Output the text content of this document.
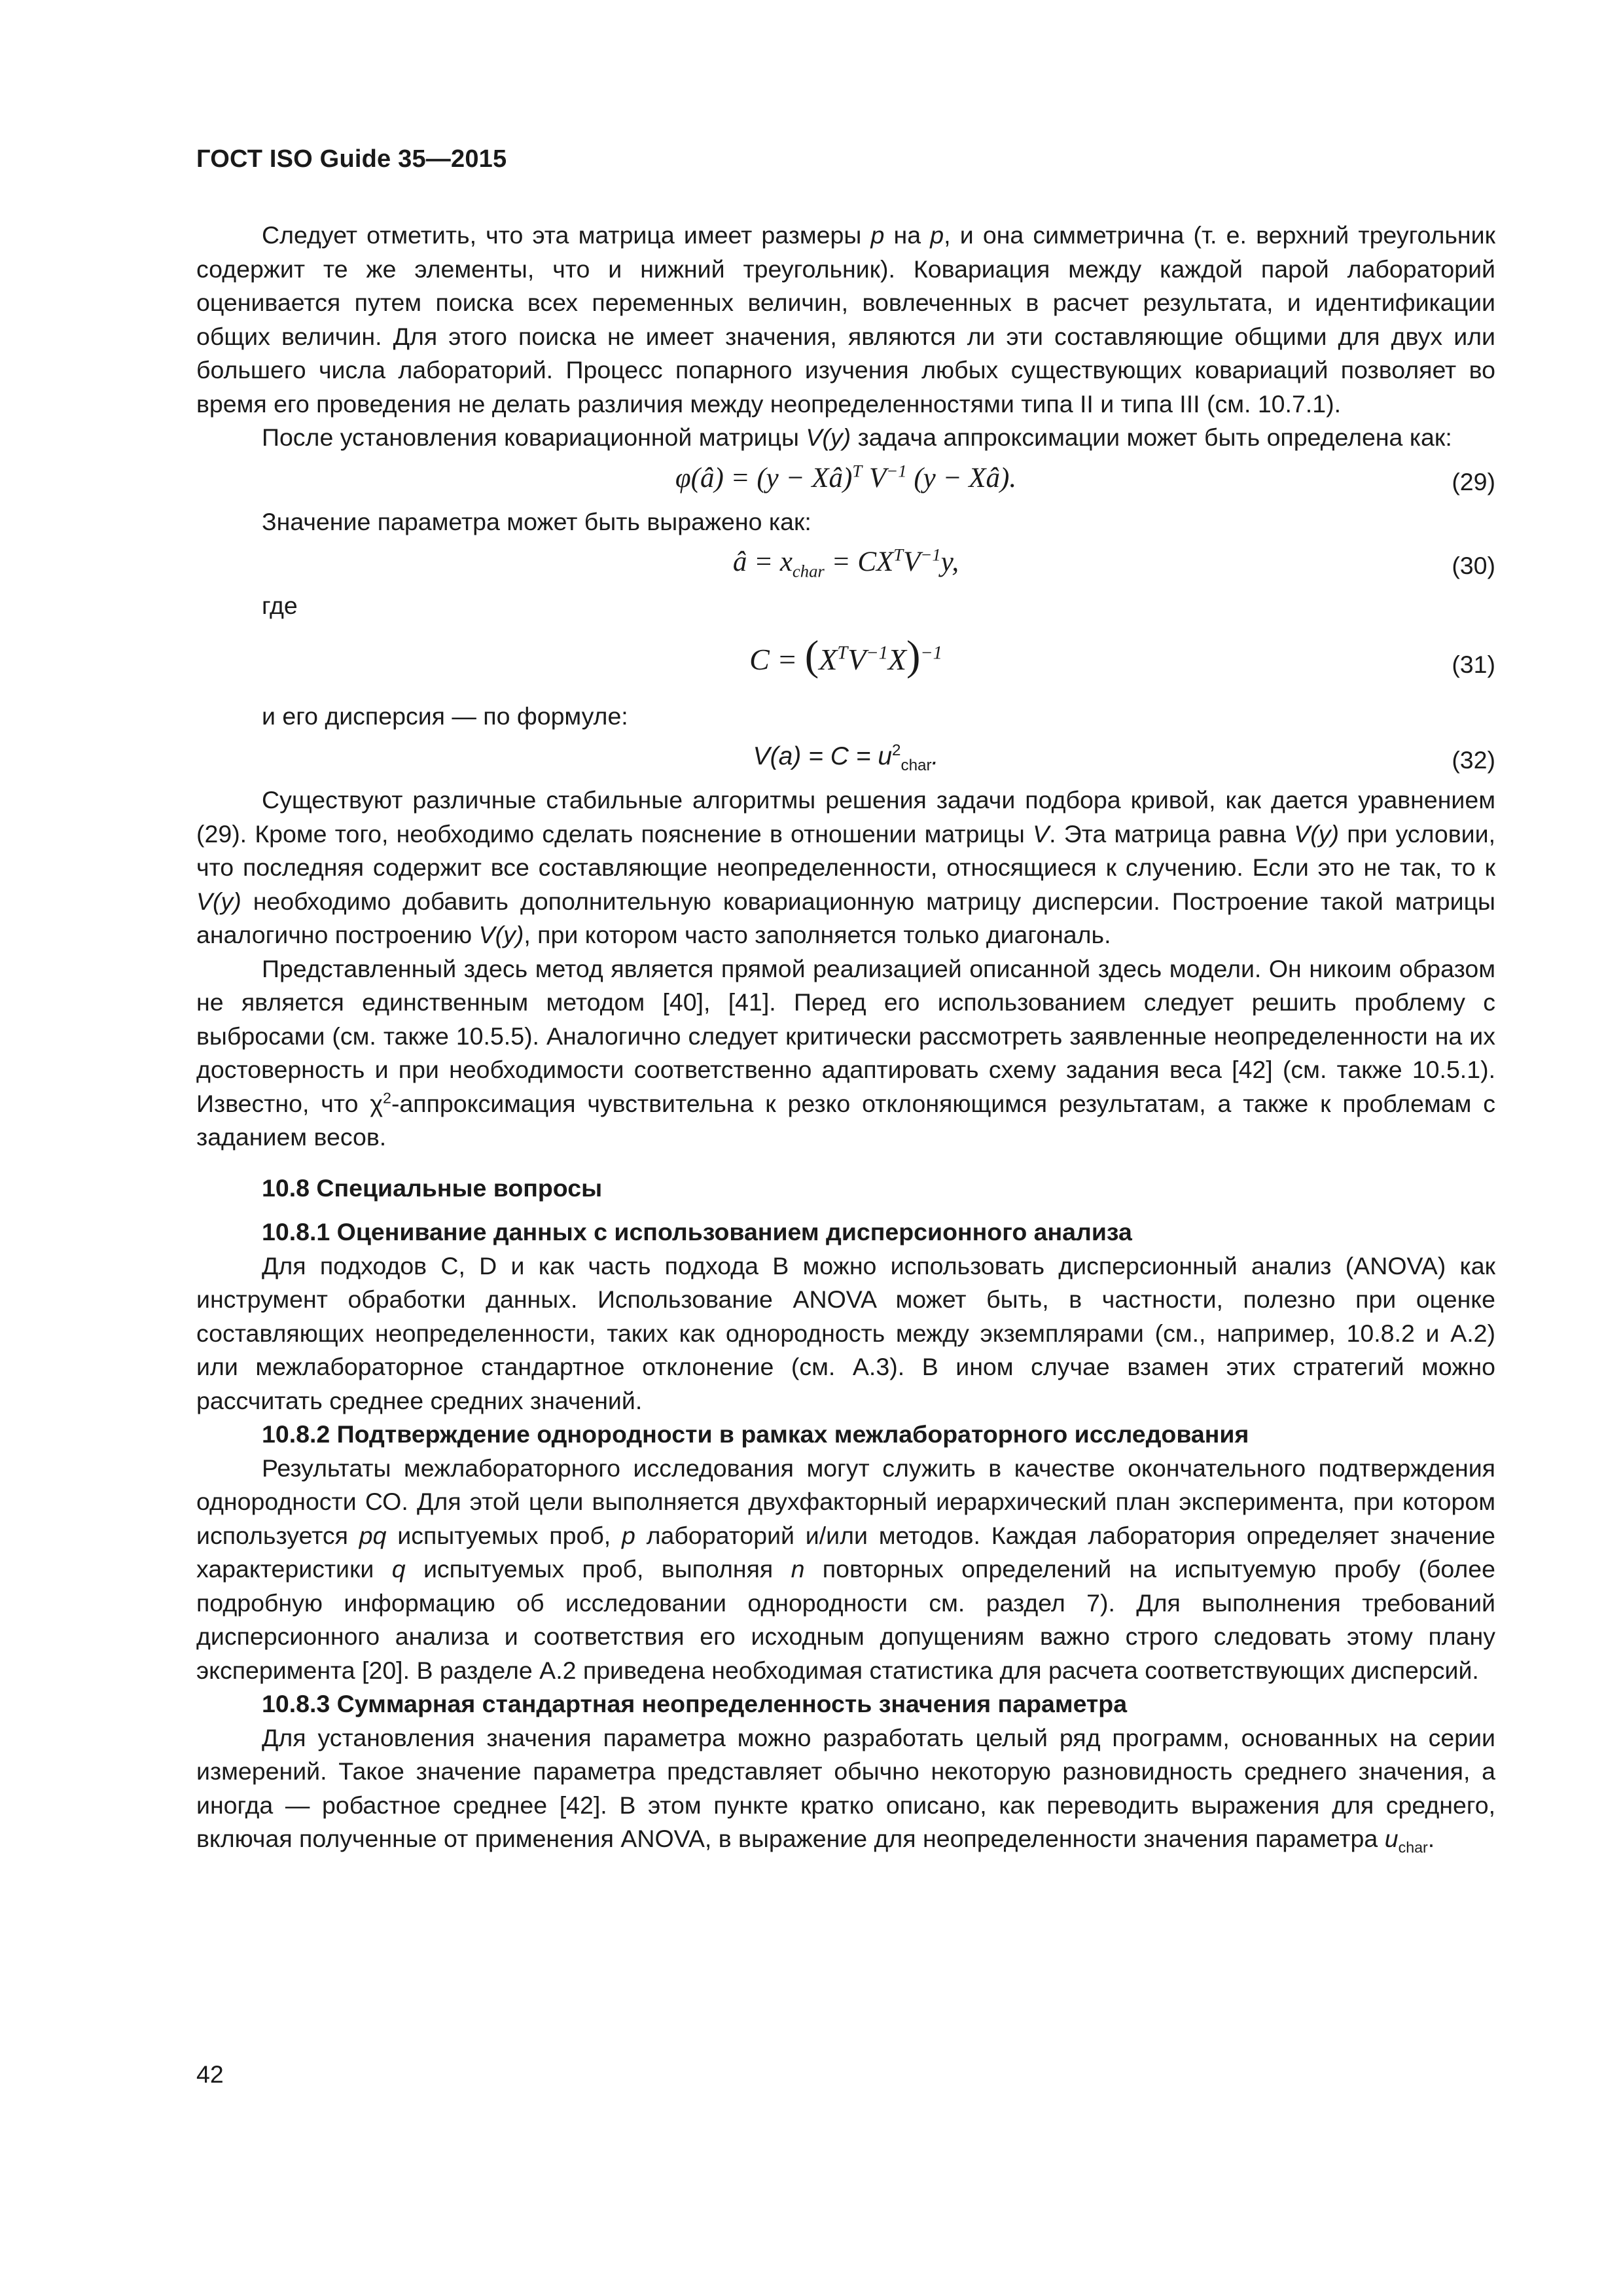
ГОСТ ISO Guide 35—2015

Следует отметить, что эта матрица имеет размеры p на p, и она симметрична (т. е. верхний треугольник содержит те же элементы, что и нижний треугольник). Ковариация между каждой парой лабораторий оценивается путем поиска всех переменных величин, вовлеченных в расчет результата, и идентификации общих величин. Для этого поиска не имеет значения, являются ли эти составляющие общими для двух или большего числа лабораторий. Процесс попарного изучения любых существующих ковариаций позволяет во время его проведения не делать различия между неопределенностями типа II и типа III (см. 10.7.1).

После установления ковариационной матрицы V(y) задача аппроксимации может быть определена как:

φ(â) = (y − Xâ)$^T$ $V^{-1}$ (y − Xâ).	(29)

Значение параметра может быть выражено как:

â = $x_{char} = CX^TV^{-1}y$,	(30)

где

$C = (X^TV^{-1}X)^{-1}$	(31)

и его дисперсия — по формуле:

$V(a) = C = u^2_{char}$.	(32)

Существуют различные стабильные алгоритмы решения задачи подбора кривой, как дается уравнением (29). Кроме того, необходимо сделать пояснение в отношении матрицы V. Эта матрица равна V(y) при условии, что последняя содержит все составляющие неопределенности, относящиеся к случению. Если это не так, то к V(y) необходимо добавить дополнительную ковариационную матрицу дисперсии. Построение такой матрицы аналогично построению V(y), при котором часто заполняется только диагональ.

Представленный здесь метод является прямой реализацией описанной здесь модели. Он никоим образом не является единственным методом [40], [41]. Перед его использованием следует решить проблему с выбросами (см. также 10.5.5). Аналогично следует критически рассмотреть заявленные неопределенности на их достоверность и при необходимости соответственно адаптировать схему задания веса [42] (см. также 10.5.1). Известно, что $\chi^2$-аппроксимация чувствительна к резко отклоняющимся результатам, а также к проблемам с заданием весов.

10.8 Специальные вопросы

10.8.1 Оценивание данных с использованием дисперсионного анализа

Для подходов C, D и как часть подхода B можно использовать дисперсионный анализ (ANOVA) как инструмент обработки данных. Использование ANOVA может быть, в частности, полезно при оценке составляющих неопределенности, таких как однородность между экземплярами (см., например, 10.8.2 и A.2) или межлабораторное стандартное отклонение (см. A.3). В ином случае взамен этих стратегий можно рассчитать среднее средних значений.

10.8.2 Подтверждение однородности в рамках межлабораторного исследования

Результаты межлабораторного исследования могут служить в качестве окончательного подтверждения однородности СО. Для этой цели выполняется двухфакторный иерархический план эксперимента, при котором используется pq испытуемых проб, p лабораторий и/или методов. Каждая лаборатория определяет значение характеристики q испытуемых проб, выполняя n повторных определений на испытуемую пробу (более подробную информацию об исследовании однородности см. раздел 7). Для выполнения требований дисперсионного анализа и соответствия его исходным допущениям важно строго следовать этому плану эксперимента [20]. В разделе A.2 приведена необходимая статистика для расчета соответствующих дисперсий.

10.8.3 Суммарная стандартная неопределенность значения параметра

Для установления значения параметра можно разработать целый ряд программ, основанных на серии измерений. Такое значение параметра представляет обычно некоторую разновидность среднего значения, а иногда — робастное среднее [42]. В этом пункте кратко описано, как переводить выражения для среднего, включая полученные от применения ANOVA, в выражение для неопределенности значения параметра $u_{char}$.

42
